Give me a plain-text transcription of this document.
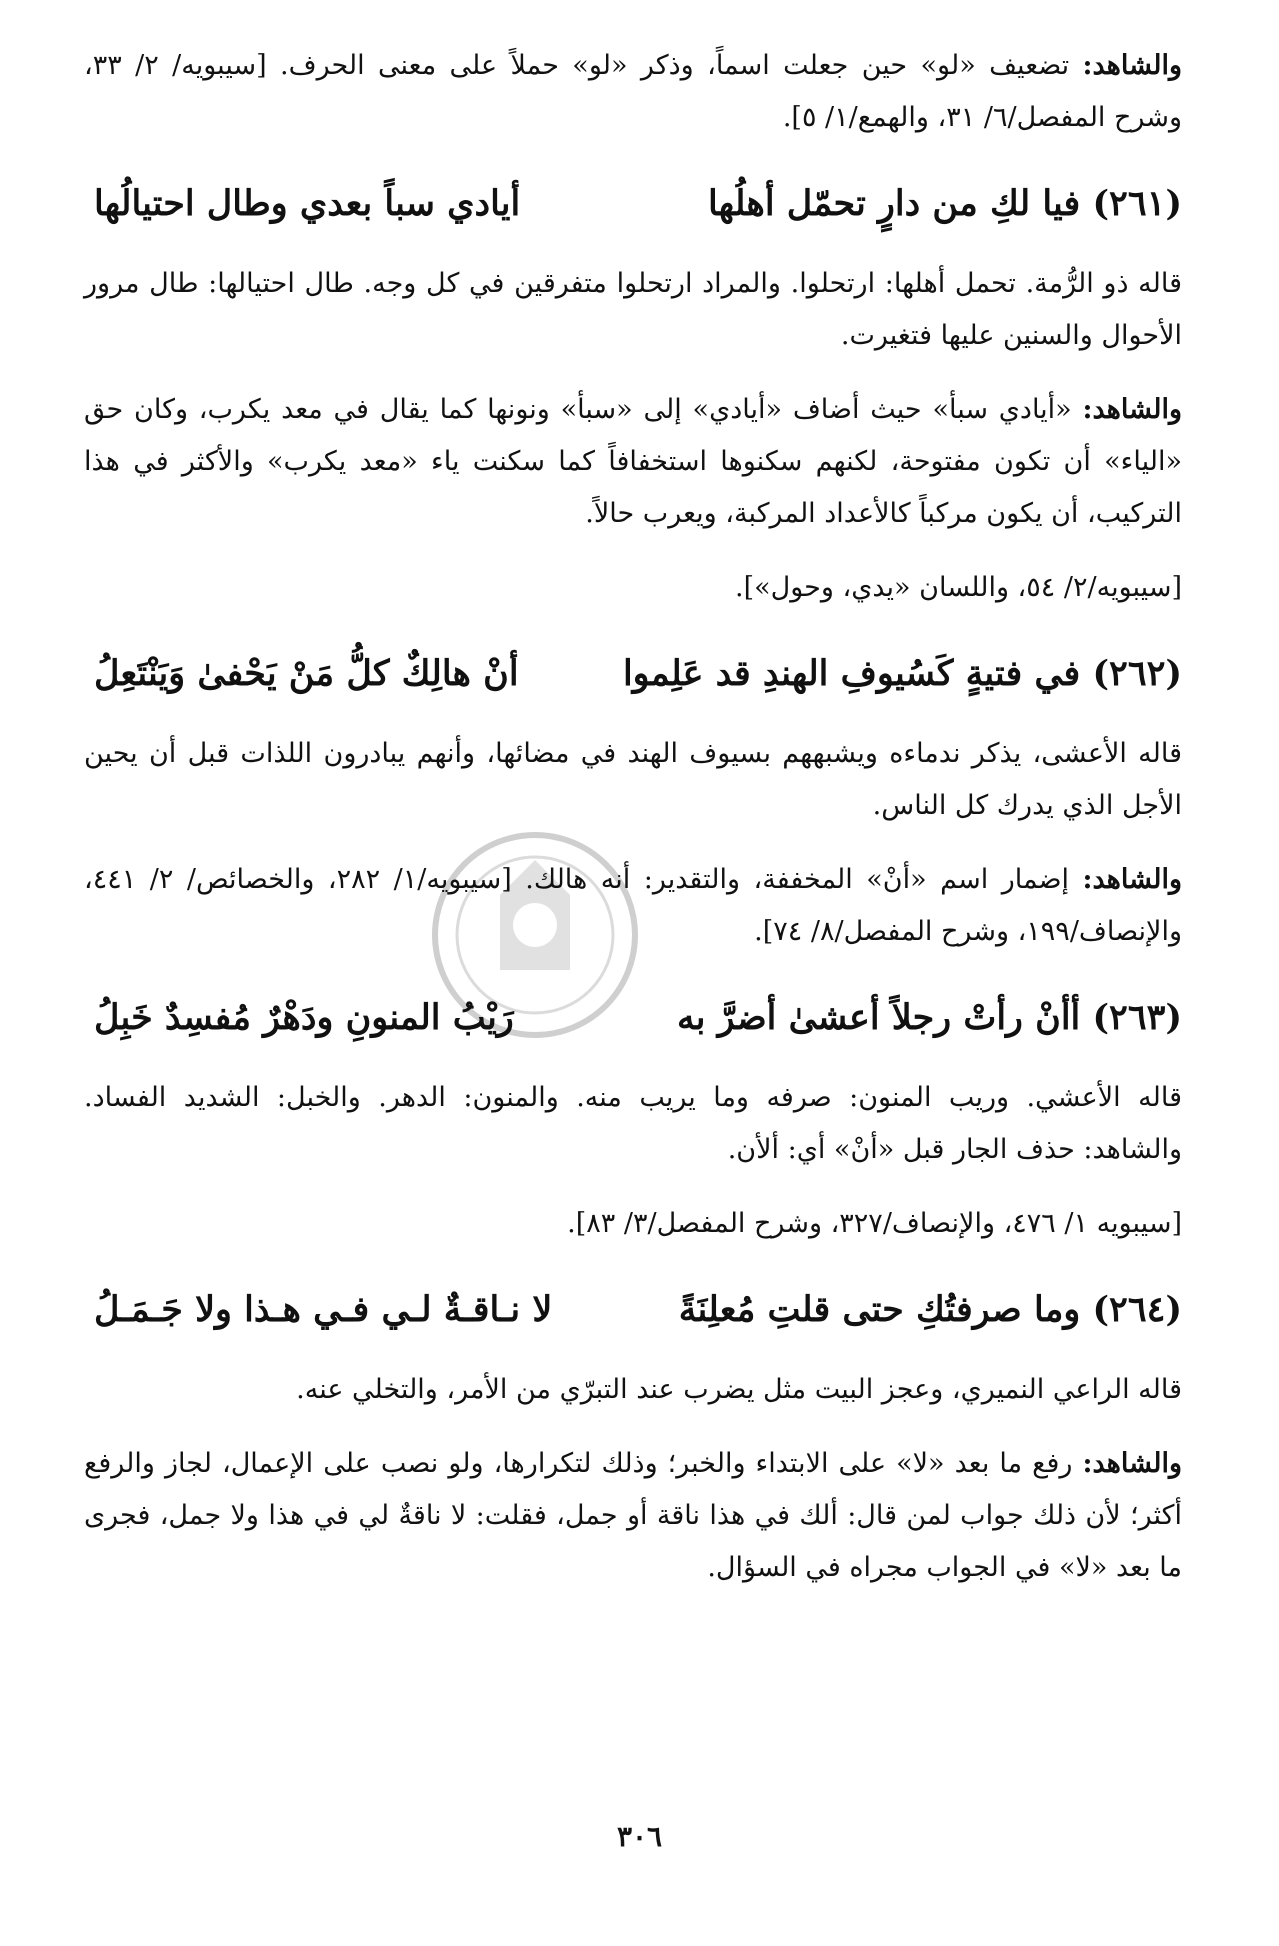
والشاهد: تضعيف «لو» حين جعلت اسماً، وذكر «لو» حملاً على معنى الحرف. [سيبويه/ ٢/ ٣٣، وشرح المفصل/٦/ ٣١، والهمع/١/ ٥].

(٢٦١) فيا لكِ من دارٍ تحمّل أهلُها
أيادي سباً بعدي وطال احتيالُها

قاله ذو الرُّمة. تحمل أهلها: ارتحلوا. والمراد ارتحلوا متفرقين في كل وجه. طال احتيالها: طال مرور الأحوال والسنين عليها فتغيرت.

والشاهد: «أيادي سبأ» حيث أضاف «أيادي» إلى «سبأ» ونونها كما يقال في معد يكرب، وكان حق «الياء» أن تكون مفتوحة، لكنهم سكنوها استخفافاً كما سكنت ياء «معد يكرب» والأكثر في هذا التركيب، أن يكون مركباً كالأعداد المركبة، ويعرب حالاً.

[سيبويه/٢/ ٥٤، واللسان «يدي، وحول»].

(٢٦٢) في فتيةٍ كَسُيوفِ الهندِ قد عَلِموا
أنْ هالِكٌ كلُّ مَنْ يَحْفىٰ وَيَنْتَعِلُ

قاله الأعشى، يذكر ندماءه ويشبههم بسيوف الهند في مضائها، وأنهم يبادرون اللذات قبل أن يحين الأجل الذي يدرك كل الناس.

والشاهد: إضمار اسم «أنْ» المخففة، والتقدير: أنه هالك. [سيبويه/١/ ٢٨٢، والخصائص/ ٢/ ٤٤١، والإنصاف/١٩٩، وشرح المفصل/٨/ ٧٤].

(٢٦٣) أأنْ رأتْ رجلاً أعشىٰ أضرَّ به
رَيْبُ المنونِ ودَهْرٌ مُفسِدٌ خَبِلُ

قاله الأعشي. وريب المنون: صرفه وما يريب منه. والمنون: الدهر. والخبل: الشديد الفساد. والشاهد: حذف الجار قبل «أنْ» أي: ألأن.

[سيبويه ١/ ٤٧٦، والإنصاف/٣٢٧، وشرح المفصل/٣/ ٨٣].

(٢٦٤) وما صرفتُكِ حتى قلتِ مُعلِنَةً
لا نـاقـةٌ لـي فـي هـذا ولا جَـمَـلُ

قاله الراعي النميري، وعجز البيت مثل يضرب عند التبرّي من الأمر، والتخلي عنه.

والشاهد: رفع ما بعد «لا» على الابتداء والخبر؛ وذلك لتكرارها، ولو نصب على الإعمال، لجاز والرفع أكثر؛ لأن ذلك جواب لمن قال: ألك في هذا ناقة أو جمل، فقلت: لا ناقةٌ لي في هذا ولا جمل، فجرى ما بعد «لا» في الجواب مجراه في السؤال.

٣٠٦
